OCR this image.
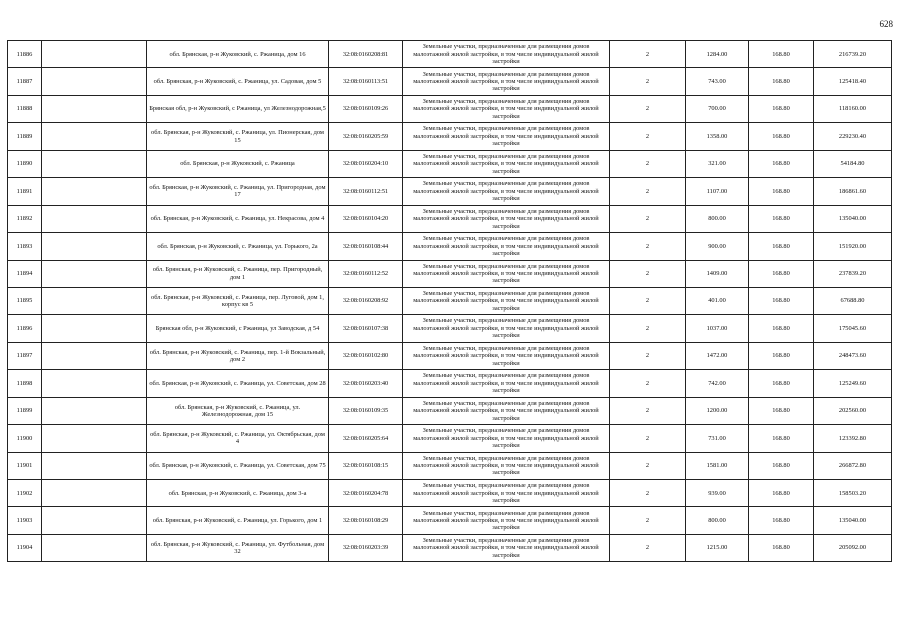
628
11886		обл. Брянская, р-н Жуковский, с. Ржаница, дом 16	32:08:0160208:81	Земельные участки, предназначенные для размещения домов малоэтажной жилой застройки, в том числе индивидуальной жилой застройки	2	1284.00	168.80	216739.20
11887		обл. Брянская, р-н Жуковский, с. Ржаница, ул. Садовая, дом 5	32:08:0160113:51	Земельные участки, предназначенные для размещения домов малоэтажной жилой застройки, в том числе индивидуальной жилой застройки	2	743.00	168.80	125418.40
11888		Брянская обл, р-н Жуковский, с Ржаница, ул Железнодорожная,5	32:08:0160109:26	Земельные участки, предназначенные для размещения домов малоэтажной жилой застройки, в том числе индивидуальной жилой застройки	2	700.00	168.80	118160.00
11889		обл. Брянская, р-н Жуковский, с. Ржаница, ул. Пионерская, дом 15	32:08:0160205:59	Земельные участки, предназначенные для размещения домов малоэтажной жилой застройки, в том числе индивидуальной жилой застройки	2	1358.00	168.80	229230.40
11890		обл. Брянская, р-н Жуковский, с. Ржаница	32:08:0160204:10	Земельные участки, предназначенные для размещения домов малоэтажной жилой застройки, в том числе индивидуальной жилой застройки	2	321.00	168.80	54184.80
11891		обл. Брянская, р-н Жуковский, с. Ржаница, ул. Пригородная, дом 17	32:08:0160112:51	Земельные участки, предназначенные для размещения домов малоэтажной жилой застройки, в том числе индивидуальной жилой застройки	2	1107.00	168.80	186861.60
11892		обл. Брянская, р-н Жуковский, с. Ржаница, ул. Некрасова, дом 4	32:08:0160104:20	Земельные участки, предназначенные для размещения домов малоэтажной жилой застройки, в том числе индивидуальной жилой застройки	2	800.00	168.80	135040.00
11893		обл. Брянская, р-н Жуковский, с. Ржаница, ул. Горького, 2а	32:08:0160108:44	Земельные участки, предназначенные для размещения домов малоэтажной жилой застройки, в том числе индивидуальной жилой застройки	2	900.00	168.80	151920.00
11894		обл. Брянская, р-н Жуковский, с. Ржаница, пер. Пригородный, дом 1	32:08:0160112:52	Земельные участки, предназначенные для размещения домов малоэтажной жилой застройки, в том числе индивидуальной жилой застройки	2	1409.00	168.80	237839.20
11895		обл. Брянская, р-н Жуковский, с. Ржаница, пер. Луговой, дом 1, корпус кв 5	32:08:0160208:92	Земельные участки, предназначенные для размещения домов малоэтажной жилой застройки, в том числе индивидуальной жилой застройки	2	401.00	168.80	67688.80
11896		Брянская обл, р-н Жуковский, с Ржаница, ул Заводская, д 54	32:08:0160107:38	Земельные участки, предназначенные для размещения домов малоэтажной жилой застройки, в том числе индивидуальной жилой застройки	2	1037.00	168.80	175045.60
11897		обл. Брянская, р-н Жуковский, с. Ржаница, пер. 1-й Вокзальный, дом 2	32:08:0160102:80	Земельные участки, предназначенные для размещения домов малоэтажной жилой застройки, в том числе индивидуальной жилой застройки	2	1472.00	168.80	248473.60
11898		обл. Брянская, р-н Жуковский, с. Ржаница, ул. Советская, дом 28	32:08:0160203:40	Земельные участки, предназначенные для размещения домов малоэтажной жилой застройки, в том числе индивидуальной жилой застройки	2	742.00	168.80	125249.60
11899		обл. Брянская, р-н Жуковский, с. Ржаница, ул. Железнодорожная, дом 15	32:08:0160109:35	Земельные участки, предназначенные для размещения домов малоэтажной жилой застройки, в том числе индивидуальной жилой застройки	2	1200.00	168.80	202560.00
11900		обл. Брянская, р-н Жуковский, с. Ржаница, ул. Октябрьская, дом 4	32:08:0160205:64	Земельные участки, предназначенные для размещения домов малоэтажной жилой застройки, в том числе индивидуальной жилой застройки	2	731.00	168.80	123392.80
11901		обл. Брянская, р-н Жуковский, с. Ржаница, ул. Советская, дом 75	32:08:0160108:15	Земельные участки, предназначенные для размещения домов малоэтажной жилой застройки, в том числе индивидуальной жилой застройки	2	1581.00	168.80	266872.80
11902		обл. Брянская, р-н Жуковский, с. Ржаница, дом 3-а	32:08:0160204:78	Земельные участки, предназначенные для размещения домов малоэтажной жилой застройки, в том числе индивидуальной жилой застройки	2	939.00	168.80	158503.20
11903		обл. Брянская, р-н Жуковский, с. Ржаница, ул. Горького, дом 1	32:08:0160108:29	Земельные участки, предназначенные для размещения домов малоэтажной жилой застройки, в том числе индивидуальной жилой застройки	2	800.00	168.80	135040.00
11904		обл. Брянская, р-н Жуковский, с. Ржаница, ул. Футбольная, дом 32	32:08:0160203:39	Земельные участки, предназначенные для размещения домов малоэтажной жилой застройки, в том числе индивидуальной жилой застройки	2	1215.00	168.80	205092.00
